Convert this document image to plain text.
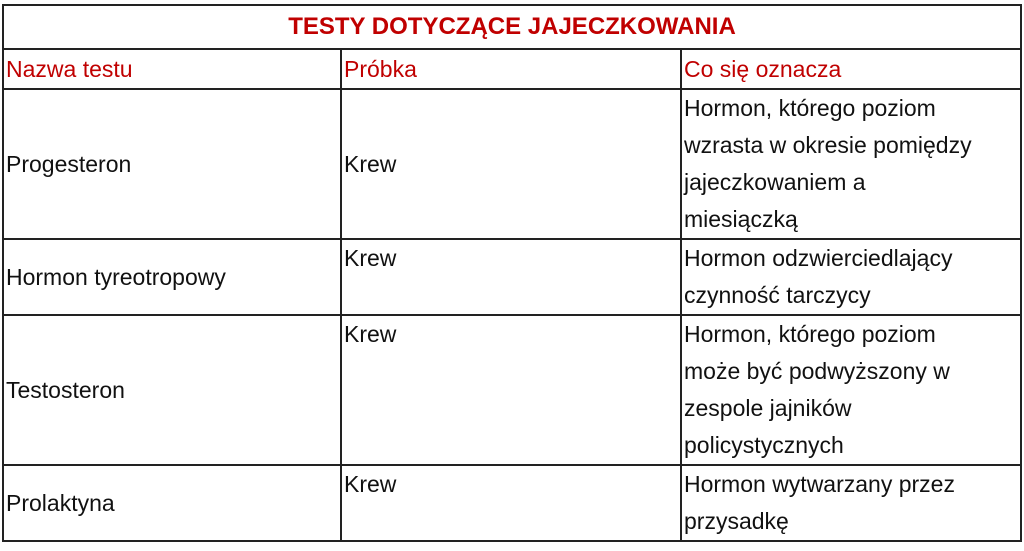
TESTY DOTYCZĄCE JAJECZKOWANIA		
Nazwa testu	Próbka	Co się oznacza
Progesteron	Krew	Hormon, którego poziom
wzrasta w okresie pomiędzy
jajeczkowaniem a
miesiączką

Hormon tyreotropowy	Krew	Hormon odzwierciedlający
czynność tarczycy

Testosteron	Krew	Hormon, którego poziom
może być podwyższony w
zespole jajników
policystycznych

Prolaktyna	Krew	Hormon wytwarzany przez
przysadkę
